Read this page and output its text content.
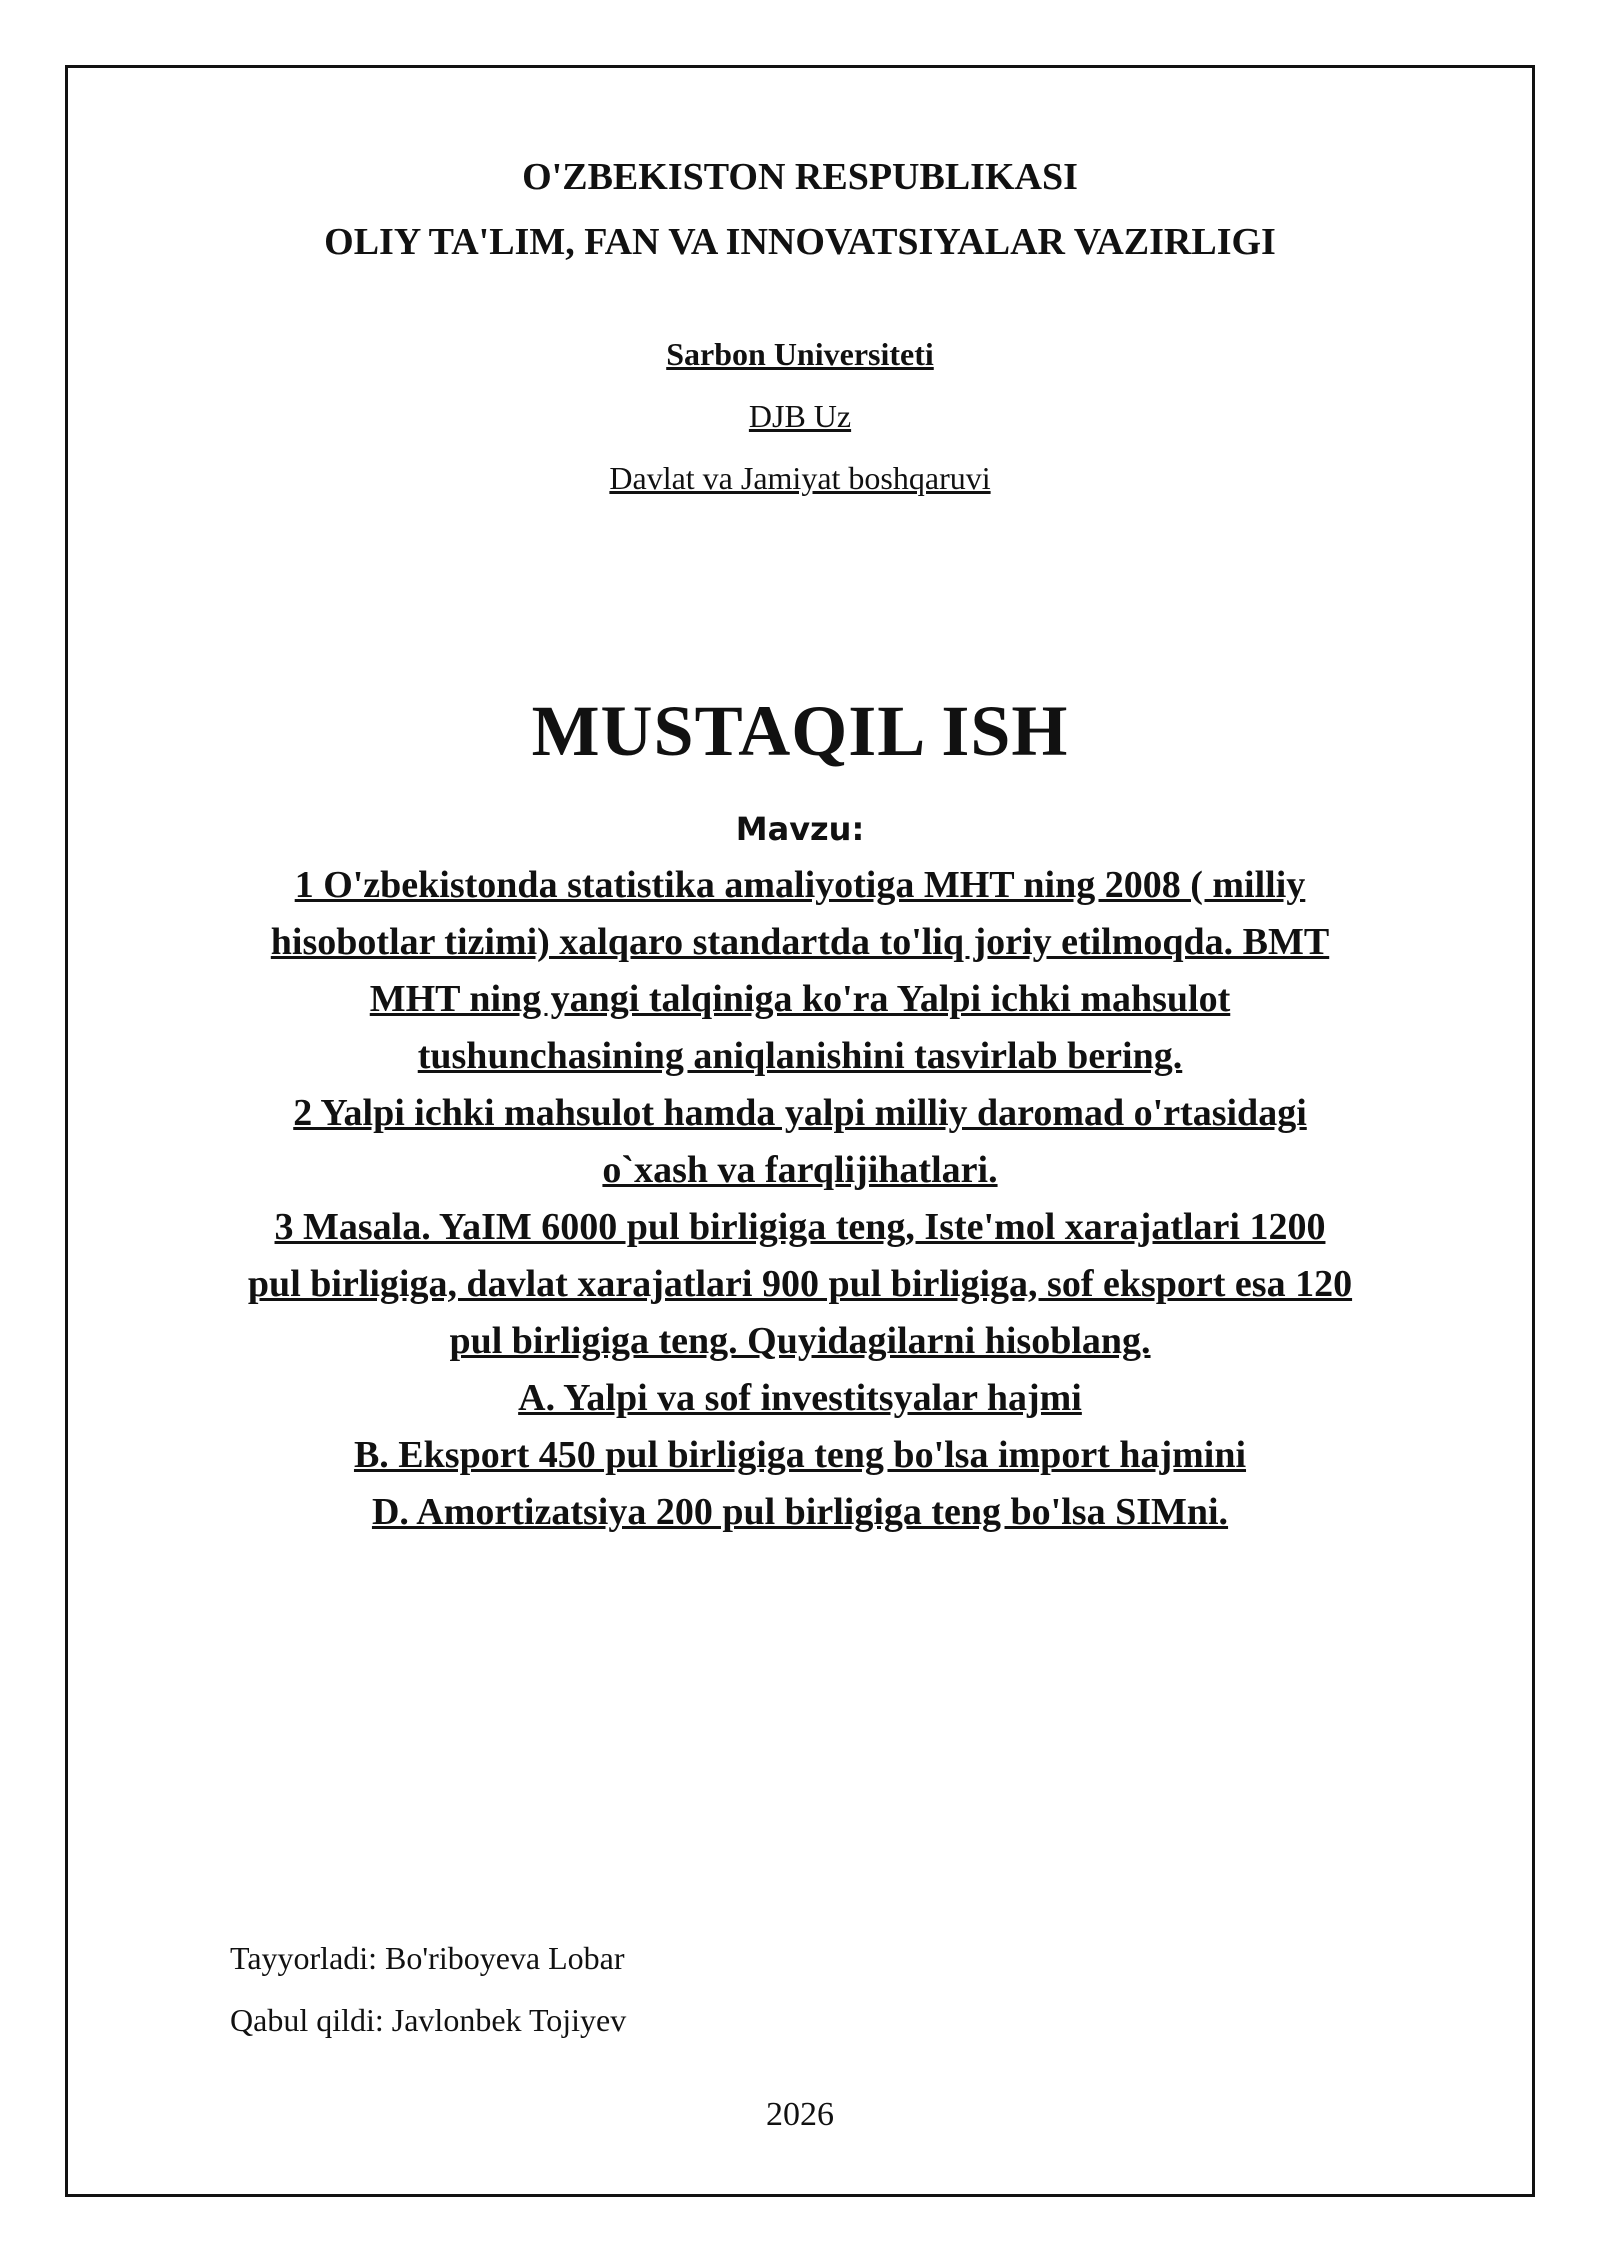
O'ZBEKISTON RESPUBLIKASI

OLIY TA'LIM, FAN VA INNOVATSIYALAR VAZIRLIGI

Sarbon Universiteti

DJB Uz

Davlat va Jamiyat boshqaruvi

MUSTAQIL ISH

Mavzu:

1 O'zbekistonda statistika amaliyotiga MHT ning 2008 ( milliy
hisobotlar tizimi) xalqaro standartda to'liq joriy etilmoqda. BMT
MHT ning yangi talqiniga ko'ra Yalpi ichki mahsulot
tushunchasining aniqlanishini tasvirlab bering.
2 Yalpi ichki mahsulot hamda yalpi milliy daromad o'rtasidagi
o`xash va farqlijihatlari.
3 Masala. YaIM 6000 pul birligiga teng, Iste'mol xarajatlari 1200
pul birligiga, davlat xarajatlari 900 pul birligiga, sof eksport esa 120
pul birligiga teng. Quyidagilarni hisoblang.
A. Yalpi va sof investitsyalar hajmi
B. Eksport 450 pul birligiga teng bo'lsa import hajmini
D. Amortizatsiya 200 pul birligiga teng bo'lsa SIMni.

Tayyorladi: Bo'riboyeva Lobar

Qabul qildi: Javlonbek Tojiyev

2026
